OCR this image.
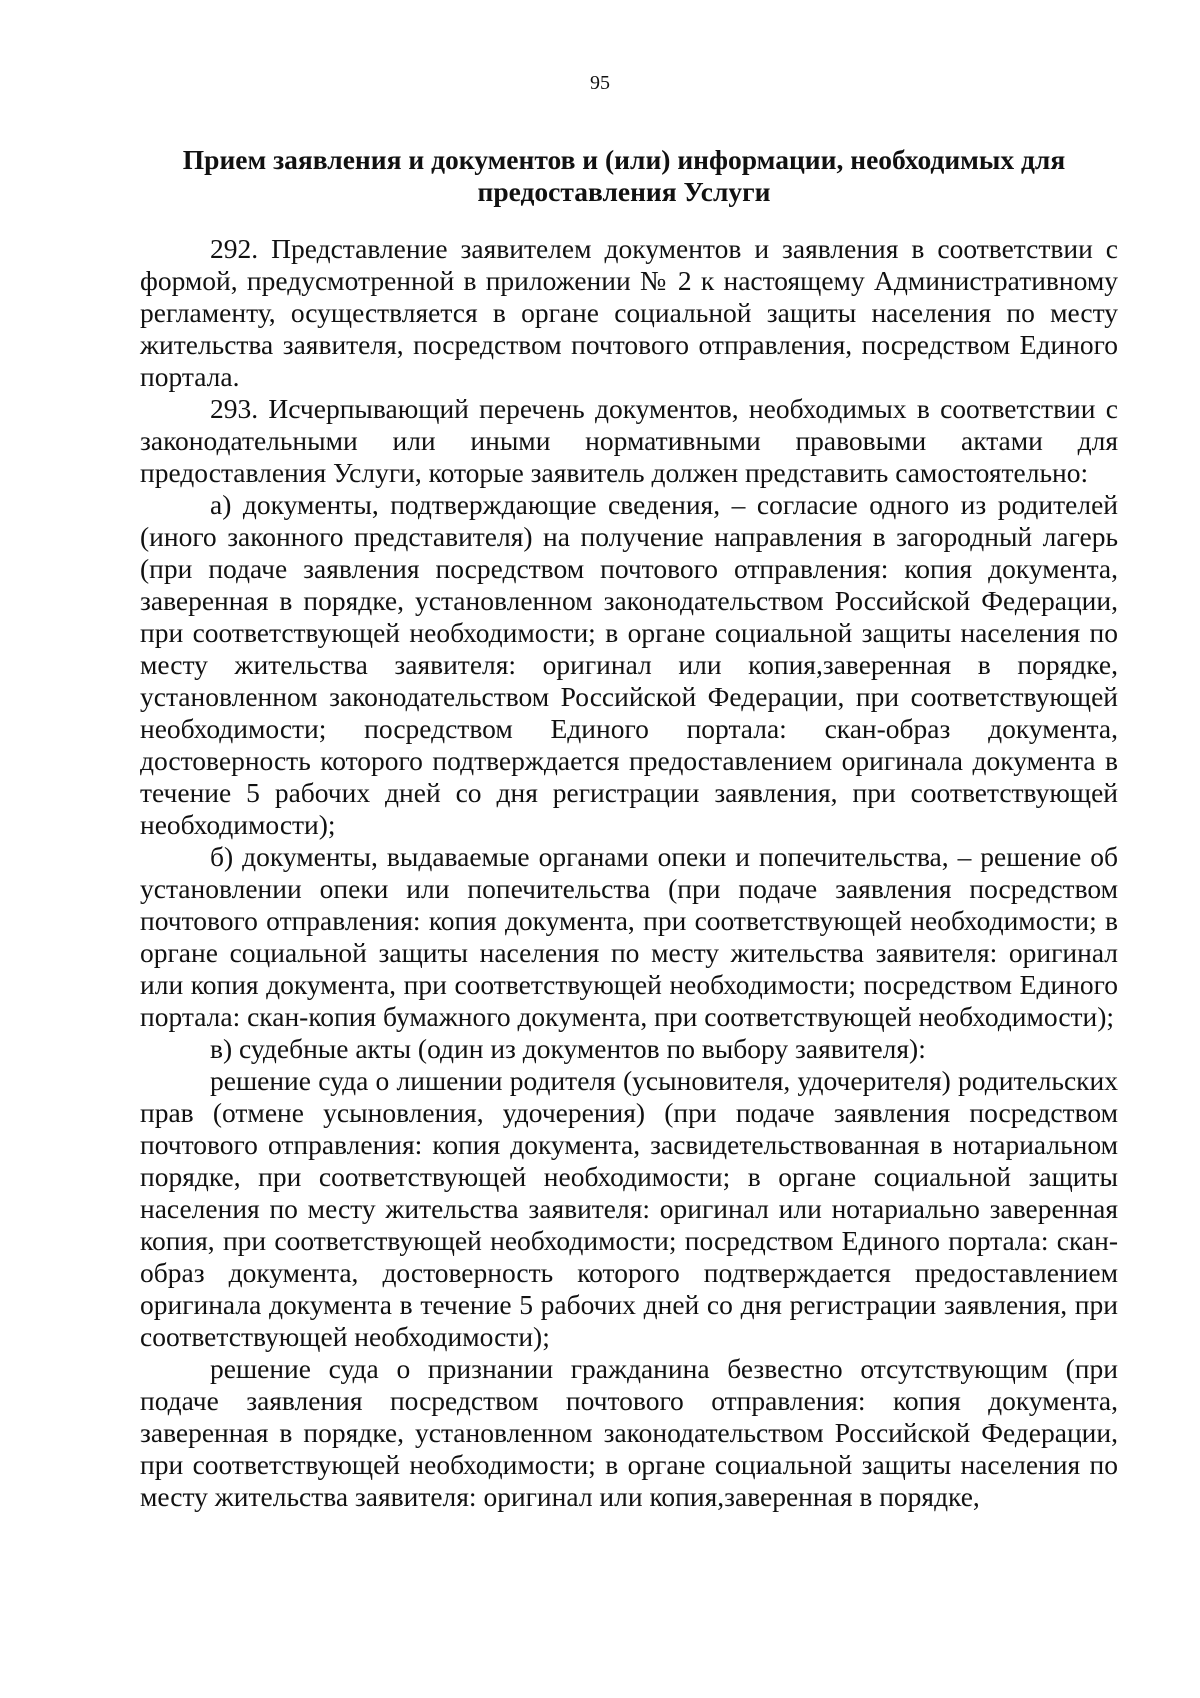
95
Прием заявления и документов и (или) информации, необходимых для
предоставления Услуги

292. Представление заявителем документов и заявления в соответствии с формой, предусмотренной в приложении № 2 к настоящему Административному регламенту, осуществляется в органе социальной защиты населения по месту жительства заявителя, посредством почтового отправления, посредством Единого портала.

293. Исчерпывающий перечень документов, необходимых в соответствии с законодательными или иными нормативными правовыми актами для предоставления Услуги, которые заявитель должен представить самостоятельно:

а) документы, подтверждающие сведения, – согласие одного из родителей (иного законного представителя) на получение направления в загородный лагерь (при подаче заявления посредством почтового отправления: копия документа, заверенная в порядке, установленном законодательством Российской Федерации, при соответствующей необходимости; в органе социальной защиты населения по месту жительства заявителя: оригинал или копия,заверенная в порядке, установленном законодательством Российской Федерации, при соответствующей необходимости; посредством Единого портала: скан-образ документа, достоверность которого подтверждается предоставлением оригинала документа в течение 5 рабочих дней со дня регистрации заявления, при соответствующей необходимости);

б) документы, выдаваемые органами опеки и попечительства, – решение об установлении опеки или попечительства (при подаче заявления посредством почтового отправления: копия документа, при соответствующей необходимости; в органе социальной защиты населения по месту жительства заявителя: оригинал или копия документа, при соответствующей необходимости; посредством Единого портала: скан-копия бумажного документа, при соответствующей необходимости);

в) судебные акты (один из документов по выбору заявителя):

решение суда о лишении родителя (усыновителя, удочерителя) родительских прав (отмене усыновления, удочерения) (при подаче заявления посредством почтового отправления: копия документа, засвидетельствованная в нотариальном порядке, при соответствующей необходимости; в органе социальной защиты населения по месту жительства заявителя: оригинал или нотариально заверенная копия, при соответствующей необходимости; посредством Единого портала: скан-образ документа, достоверность которого подтверждается предоставлением оригинала документа в течение 5 рабочих дней со дня регистрации заявления, при соответствующей необходимости);

решение суда о признании гражданина безвестно отсутствующим (при подаче заявления посредством почтового отправления: копия документа, заверенная в порядке, установленном законодательством Российской Федерации, при соответствующей необходимости; в органе социальной защиты населения по месту жительства заявителя: оригинал или копия,заверенная в порядке,
